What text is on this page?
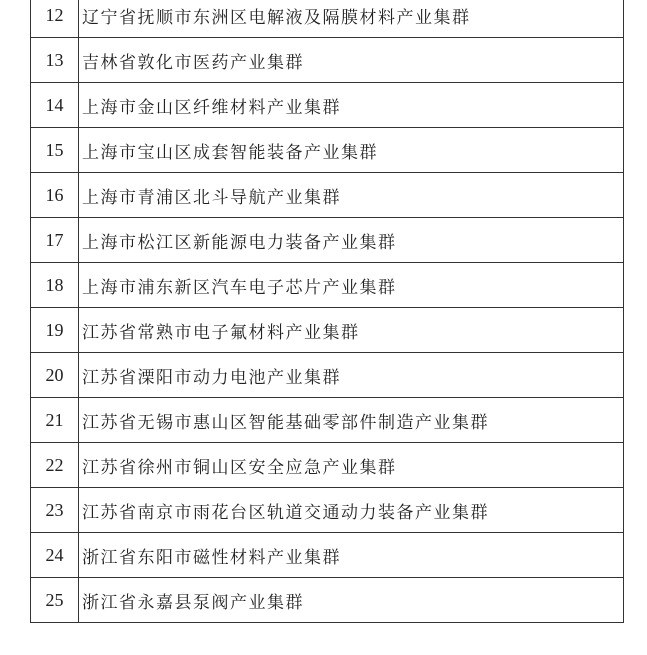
12	辽宁省抚顺市东洲区电解液及隔膜材料产业集群
13	吉林省敦化市医药产业集群
14	上海市金山区纤维材料产业集群
15	上海市宝山区成套智能装备产业集群
16	上海市青浦区北斗导航产业集群
17	上海市松江区新能源电力装备产业集群
18	上海市浦东新区汽车电子芯片产业集群
19	江苏省常熟市电子氟材料产业集群
20	江苏省溧阳市动力电池产业集群
21	江苏省无锡市惠山区智能基础零部件制造产业集群
22	江苏省徐州市铜山区安全应急产业集群
23	江苏省南京市雨花台区轨道交通动力装备产业集群
24	浙江省东阳市磁性材料产业集群
25	浙江省永嘉县泵阀产业集群
